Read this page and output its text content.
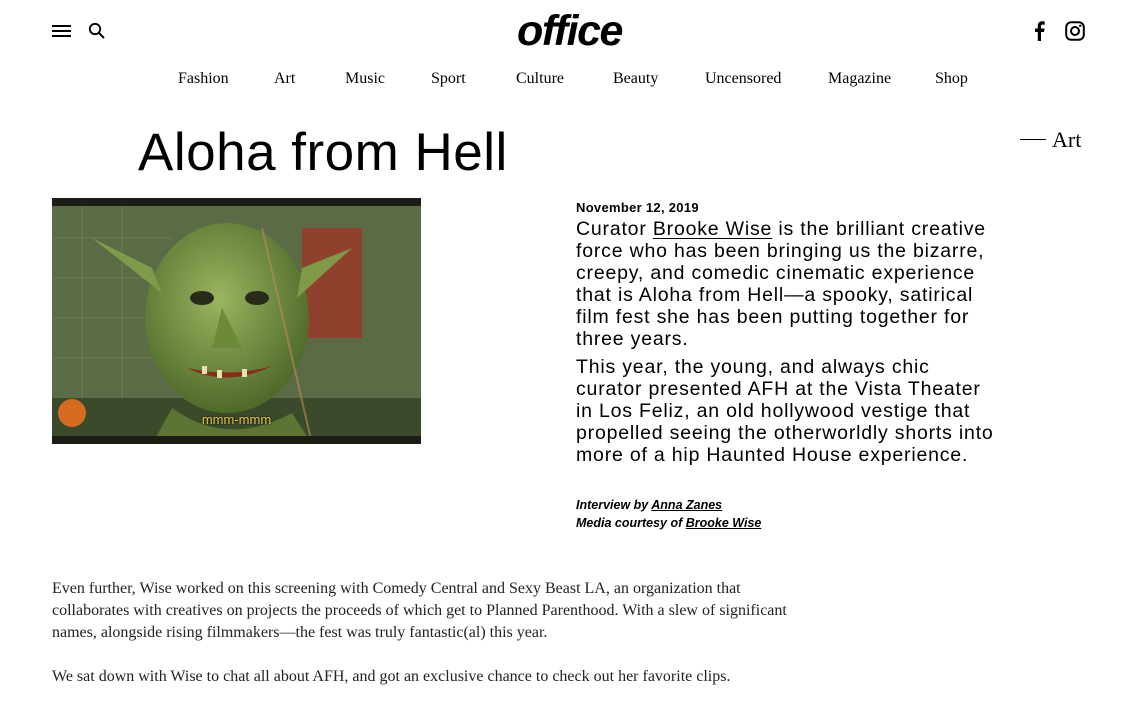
office
Fashion	Art	Music	Sport	Culture	Beauty	Uncensored	Magazine	Shop
Aloha from Hell	Art
mmm-mmm
November 12, 2019
Curator Brooke Wise is the brilliant creative force who has been bringing us the bizarre, creepy, and comedic cinematic experience that is Aloha from Hell—a spooky, satirical film fest she has been putting together for three years.
This year, the young, and always chic curator presented AFH at the Vista Theater in Los Feliz, an old hollywood vestige that propelled seeing the otherworldly shorts into more of a hip Haunted House experience.
Interview by Anna Zanes
Media courtesy of Brooke Wise

Even further, Wise worked on this screening with Comedy Central and Sexy Beast LA, an organization that collaborates with creatives on projects the proceeds of which get to Planned Parenthood. With a slew of significant names, alongside rising filmmakers—the fest was truly fantastic(al) this year.

We sat down with Wise to chat all about AFH, and got an exclusive chance to check out her favorite clips.
